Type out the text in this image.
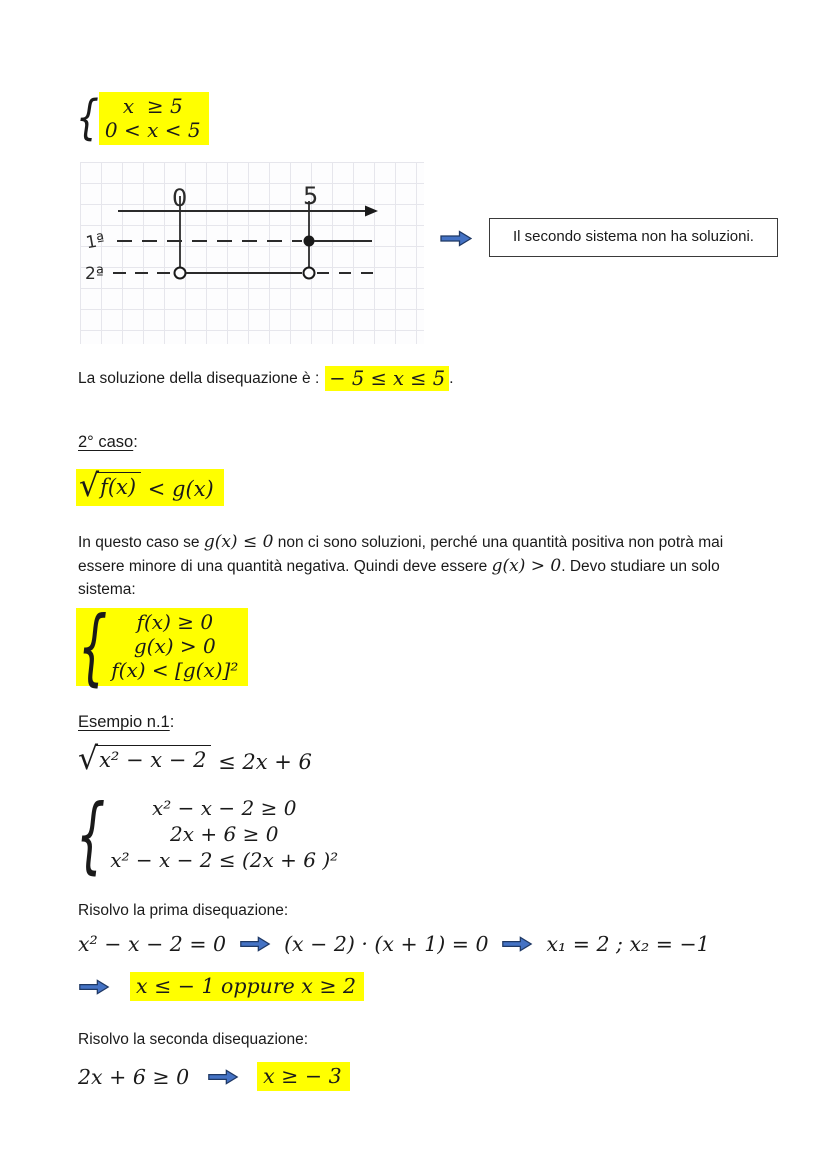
{ x  ≥ 5
0 < x < 5
0	5
1ª
2ª
Il secondo sistema non ha soluzioni.
La soluzione della disequazione è : − 5 ≤ x ≤ 5 .
2° caso:
√ f(x) < g(x)
In questo caso se g(x) ≤ 0 non ci sono soluzioni, perché una quantità positiva non potrà mai essere minore di una quantità negativa. Quindi deve essere g(x) > 0. Devo studiare un solo sistema:
{ f(x) ≥ 0
g(x) > 0
f(x) < [g(x)]²
Esempio n.1:
√ x² − x − 2 ≤ 2x + 6
{ x² − x − 2 ≥ 0
2x + 6 ≥ 0
x² − x − 2 ≤ (2x + 6 )²
Risolvo la prima disequazione:
x² − x − 2 = 0	(x − 2) · (x + 1) = 0	x₁ = 2 ; x₂ = −1
x ≤ − 1 oppure x ≥ 2
Risolvo la seconda disequazione:
2x + 6 ≥ 0	x ≥ − 3
